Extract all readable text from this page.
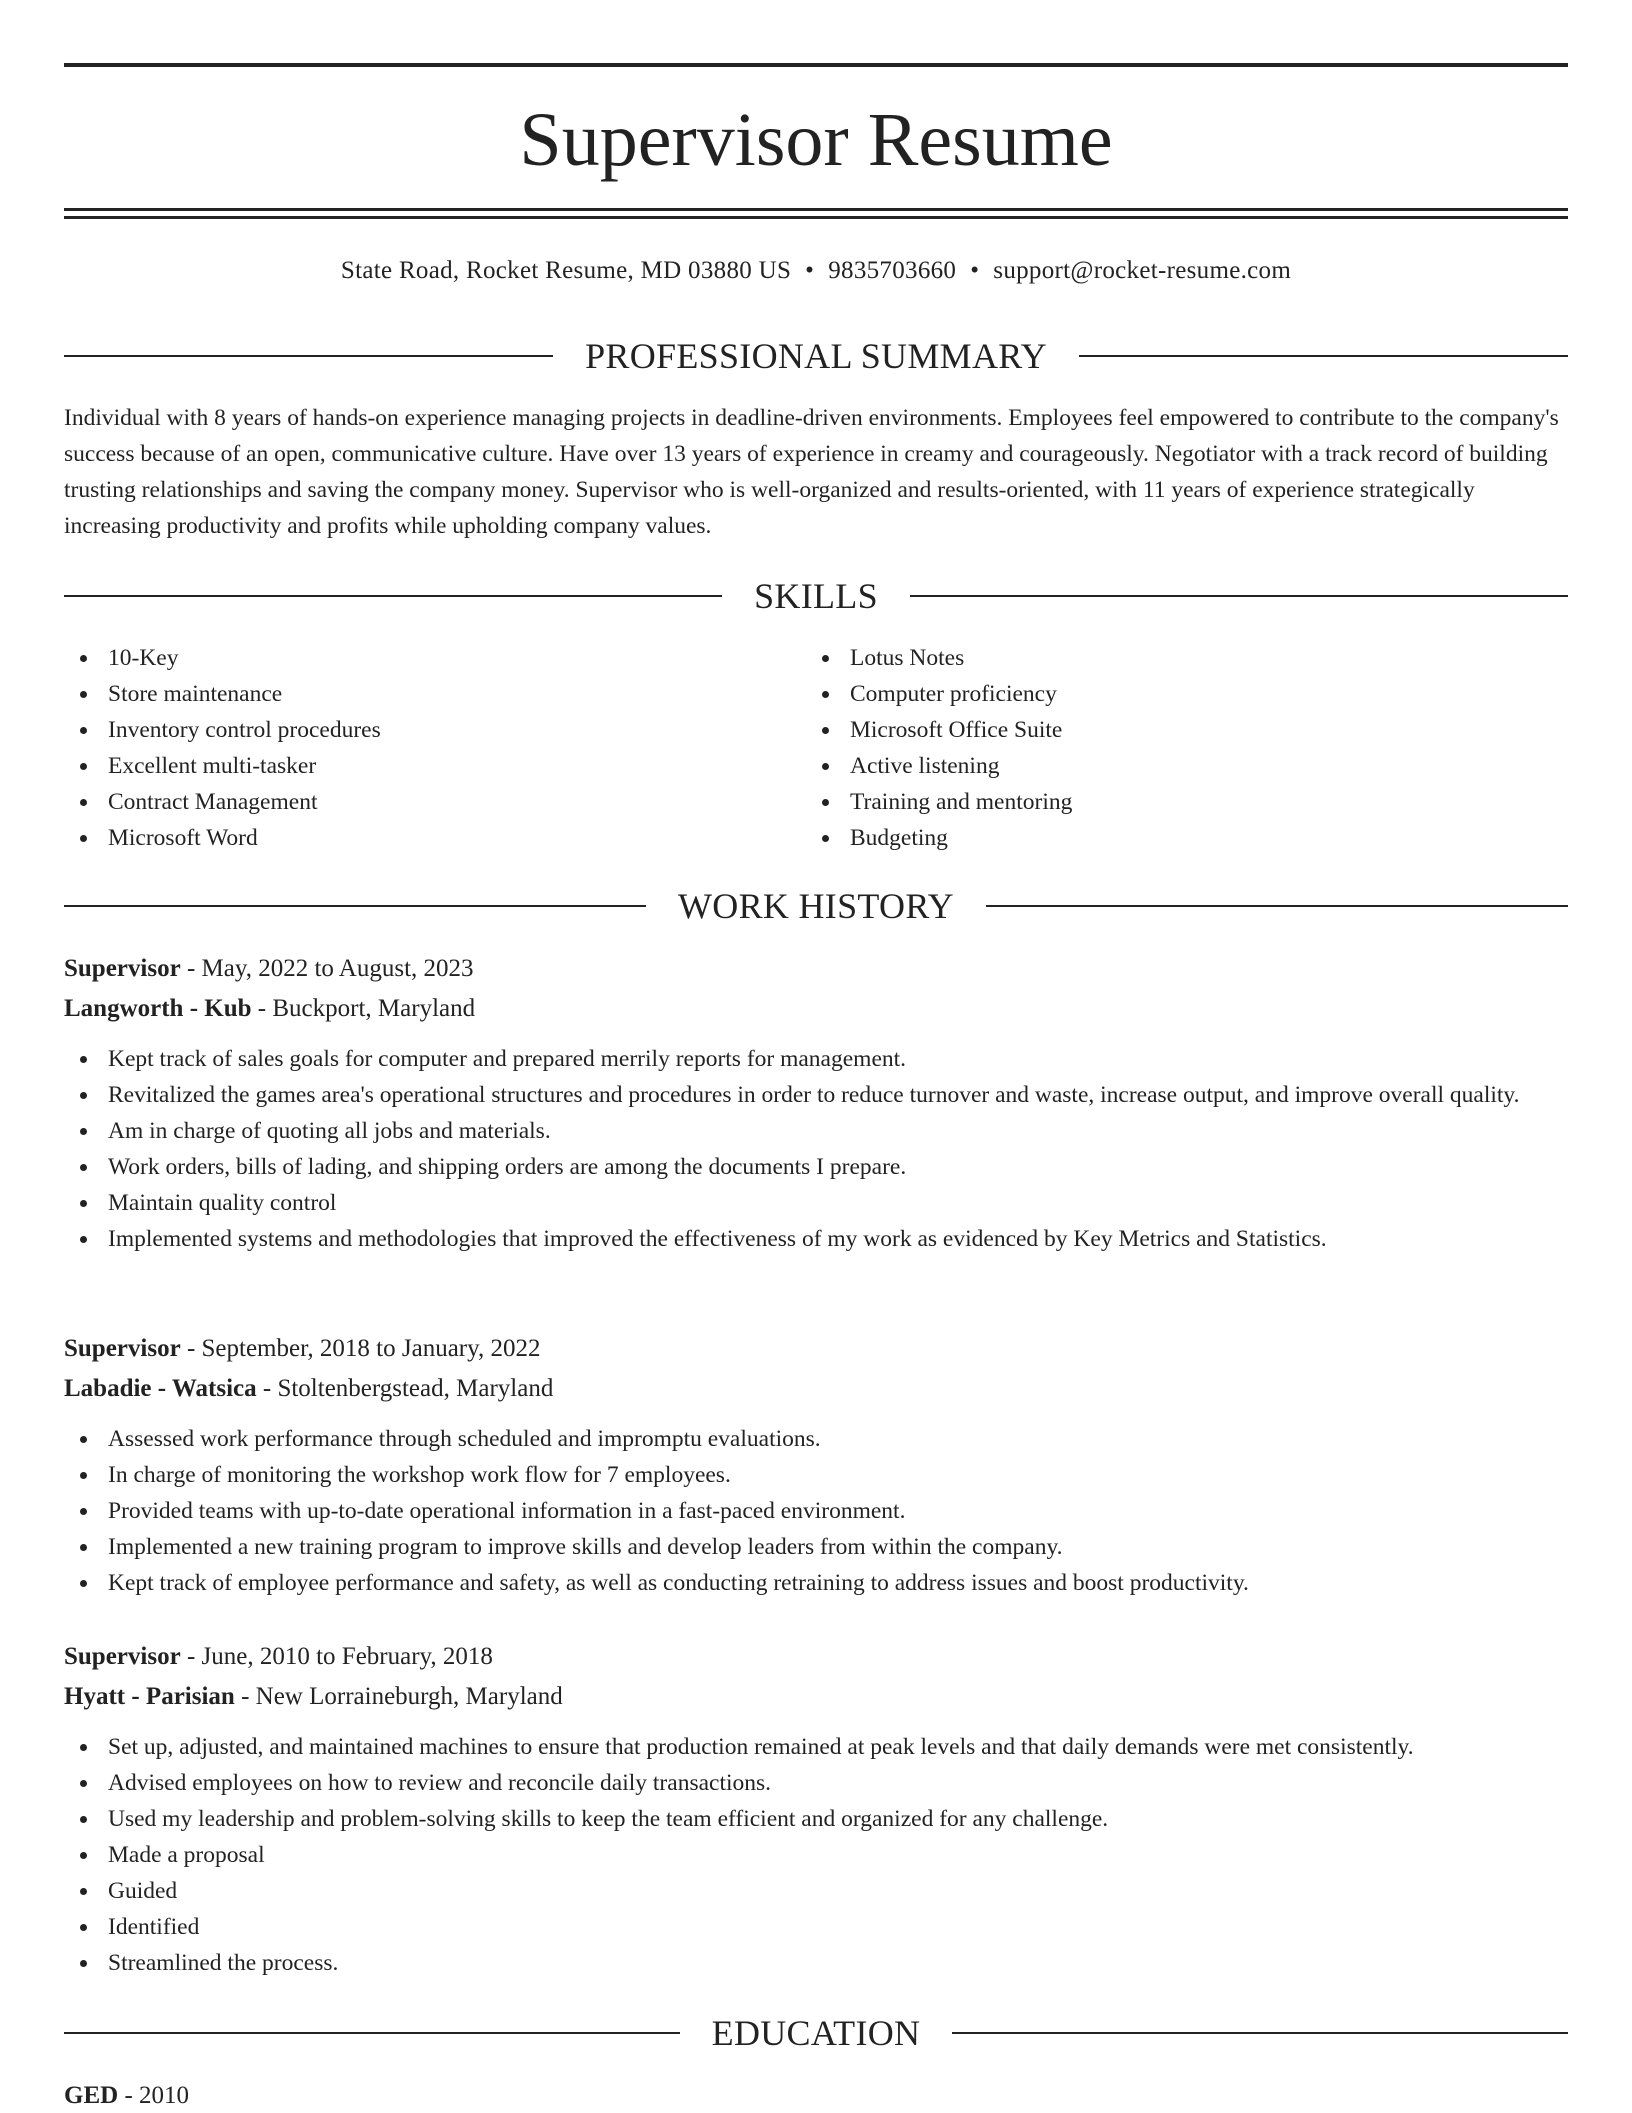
Supervisor Resume
State Road, Rocket Resume, MD 03880 US • 9835703660 • support@rocket-resume.com
PROFESSIONAL SUMMARY

Individual with 8 years of hands-on experience managing projects in deadline-driven environments. Employees feel empowered to contribute to the company's success because of an open, communicative culture. Have over 13 years of experience in creamy and courageously. Negotiator with a track record of building trusting relationships and saving the company money. Supervisor who is well-organized and results-oriented, with 11 years of experience strategically increasing productivity and profits while upholding company values.

SKILLS
10-Key
Store maintenance
Inventory control procedures
Excellent multi-tasker
Contract Management
Microsoft Word
Lotus Notes
Computer proficiency
Microsoft Office Suite
Active listening
Training and mentoring
Budgeting
WORK HISTORY
Supervisor - May, 2022 to August, 2023
Langworth - Kub - Buckport, Maryland
Kept track of sales goals for computer and prepared merrily reports for management.
Revitalized the games area's operational structures and procedures in order to reduce turnover and waste, increase output, and improve overall quality.
Am in charge of quoting all jobs and materials.
Work orders, bills of lading, and shipping orders are among the documents I prepare.
Maintain quality control
Implemented systems and methodologies that improved the effectiveness of my work as evidenced by Key Metrics and Statistics.
Supervisor - September, 2018 to January, 2022
Labadie - Watsica - Stoltenbergstead, Maryland
Assessed work performance through scheduled and impromptu evaluations.
In charge of monitoring the workshop work flow for 7 employees.
Provided teams with up-to-date operational information in a fast-paced environment.
Implemented a new training program to improve skills and develop leaders from within the company.
Kept track of employee performance and safety, as well as conducting retraining to address issues and boost productivity.
Supervisor - June, 2010 to February, 2018
Hyatt - Parisian - New Lorraineburgh, Maryland
Set up, adjusted, and maintained machines to ensure that production remained at peak levels and that daily demands were met consistently.
Advised employees on how to review and reconcile daily transactions.
Used my leadership and problem-solving skills to keep the team efficient and organized for any challenge.
Made a proposal
Guided
Identified
Streamlined the process.
EDUCATION
GED - 2010
